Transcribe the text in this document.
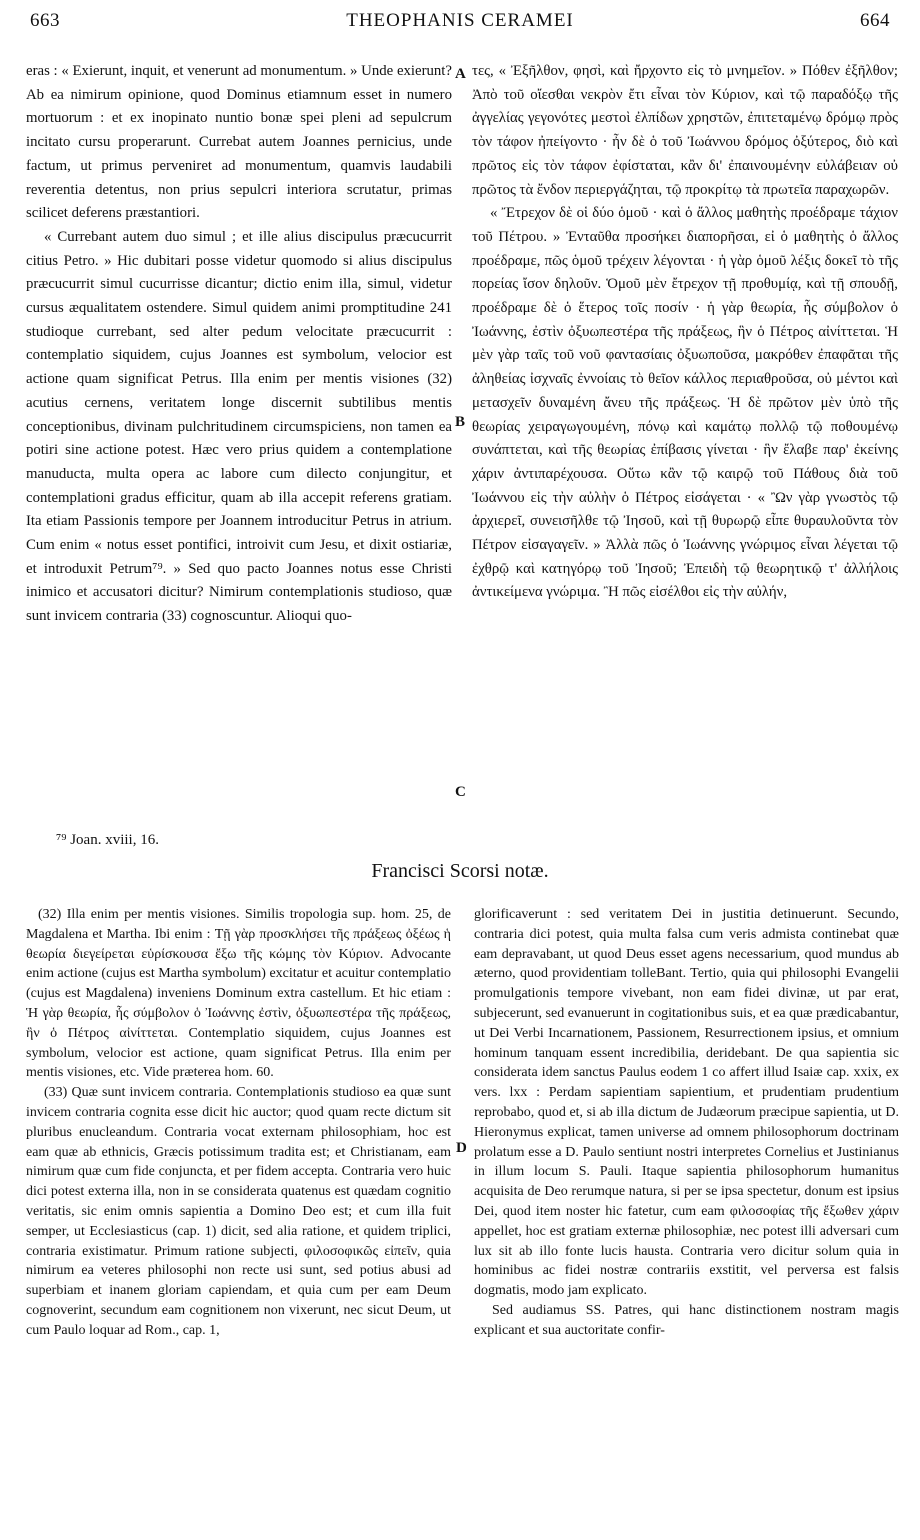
663	THEOPHANIS CERAMEI	664

eras : « Exierunt, inquit, et venerunt ad monumentum. » Unde exierunt? Ab ea nimirum opinione, quod Dominus etiamnum esset in numero mortuorum : et ex inopinato nuntio bonæ spei pleni ad sepulcrum incitato cursu properarunt. Currebat autem Joannes pernicius, unde factum, ut primus perveniret ad monumentum, quamvis laudabili reverentia detentus, non prius sepulcri interiora scrutatur, primas scilicet deferens præstantiori.

« Currebant autem duo simul ; et ille alius discipulus præcucurrit citius Petro. » Hic dubitari posse videtur quomodo si alius discipulus præcucurrit simul cucurrisse dicantur; dictio enim illa, simul, videtur cursus æqualitatem ostendere. Simul quidem animi promptitudine 241 studioque currebant, sed alter pedum velocitate præcucurrit : contemplatio siquidem, cujus Joannes est symbolum, velocior est actione quam significat Petrus. Illa enim per mentis visiones (32) acutius cernens, veritatem longe discernit subtilibus mentis conceptionibus, divinam pulchritudinem circumspiciens, non tamen ea potiri sine actione potest. Hæc vero prius quidem a contemplatione manuducta, multa opera ac labore cum dilecto conjungitur, et contemplationi gradus efficitur, quam ab illa accepit referens gratiam. Ita etiam Passionis tempore per Joannem introducitur Petrus in atrium. Cum enim « notus esset pontifici, introivit cum Jesu, et dixit ostiariæ, et introduxit Petrum⁷⁹. » Sed quo pacto Joannes notus esse Christi inimico et accusatori dicitur? Nimirum contemplationis studioso, quæ sunt invicem contraria (33) cognoscuntur. Alioqui quo-

A
B
C

τες, « Ἐξῆλθον, φησὶ, καὶ ἤρχοντο εἰς τὸ μνημεῖον. » Πόθεν ἐξῆλθον; Ἀπὸ τοῦ οἴεσθαι νεκρὸν ἔτι εἶναι τὸν Κύριον, καὶ τῷ παραδόξῳ τῆς ἀγγελίας γεγονότες μεστοὶ ἐλπίδων χρηστῶν, ἐπιτεταμένῳ δρόμῳ πρὸς τὸν τάφον ἠπείγοντο · ἦν δὲ ὁ τοῦ Ἰωάννου δρόμος ὀξύτερος, διὸ καὶ πρῶτος εἰς τὸν τάφον ἐφίσταται, κἂν δι' ἐπαινουμένην εὐλάβειαν οὐ πρῶτος τὰ ἔνδον περιεργάζηται, τῷ προκρίτῳ τὰ πρωτεῖα παραχωρῶν.

« Ἔτρεχον δὲ οἱ δύο ὁμοῦ · καὶ ὁ ἄλλος μαθητὴς προέδραμε τάχιον τοῦ Πέτρου. » Ἐνταῦθα προσήκει διαπορῆσαι, εἰ ὁ μαθητὴς ὁ ἄλλος προέδραμε, πῶς ὁμοῦ τρέχειν λέγονται · ἡ γὰρ ὁμοῦ λέξις δοκεῖ τὸ τῆς πορείας ἴσον δηλοῦν. Ὁμοῦ μὲν ἔτρεχον τῇ προθυμίᾳ, καὶ τῇ σπουδῇ, προέδραμε δὲ ὁ ἕτερος τοῖς ποσίν · ἡ γὰρ θεωρία, ἧς σύμβολον ὁ Ἰωάννης, ἐστὶν ὀξυωπεστέρα τῆς πράξεως, ἣν ὁ Πέτρος αἰνίττεται. Ἡ μὲν γὰρ ταῖς τοῦ νοῦ φαντασίαις ὀξυωποῦσα, μακρόθεν ἐπαφᾶται τῆς ἀληθείας ἰσχναῖς ἐννοίαις τὸ θεῖον κάλλος περιαθροῦσα, οὐ μέντοι καὶ μετασχεῖν δυναμένη ἄνευ τῆς πράξεως. Ἡ δὲ πρῶτον μὲν ὑπὸ τῆς θεωρίας χειραγωγουμένη, πόνῳ καὶ καμάτῳ πολλῷ τῷ ποθουμένῳ συνάπτεται, καὶ τῆς θεωρίας ἐπίβασις γίνεται · ἣν ἔλαβε παρ' ἐκείνης χάριν ἀντιπαρέχουσα. Οὕτω κἂν τῷ καιρῷ τοῦ Πάθους διὰ τοῦ Ἰωάννου εἰς τὴν αὐλὴν ὁ Πέτρος εἰσάγεται · « Ὢν γὰρ γνωστὸς τῷ ἀρχιερεῖ, συνεισῆλθε τῷ Ἰησοῦ, καὶ τῇ θυρωρῷ εἶπε θυραυλοῦντα τὸν Πέτρον εἰσαγαγεῖν. » Ἀλλὰ πῶς ὁ Ἰωάννης γνώριμος εἶναι λέγεται τῷ ἐχθρῷ καὶ κατηγόρῳ τοῦ Ἰησοῦ; Ἐπειδὴ τῷ θεωρητικῷ τ' ἀλλήλοις ἀντικείμενα γνώριμα. Ἢ πῶς εἰσέλθοι εἰς τὴν αὐλήν,

⁷⁹ Joan. xviii, 16.
Francisci Scorsi notæ.

(32) Illa enim per mentis visiones. Similis tropologia sup. hom. 25, de Magdalena et Martha. Ibi enim : Τῇ γὰρ προσκλήσει τῆς πράξεως ὀξέως ἡ θεωρία διεγείρεται εὑρίσκουσα ἔξω τῆς κώμης τὸν Κύριον. Advocante enim actione (cujus est Martha symbolum) excitatur et acuitur contemplatio (cujus est Magdalena) inveniens Dominum extra castellum. Et hic etiam : Ἡ γὰρ θεωρία, ἧς σύμβολον ὁ Ἰωάννης ἐστὶν, ὀξυωπεστέρα τῆς πράξεως, ἣν ὁ Πέτρος αἰνίττεται. Contemplatio siquidem, cujus Joannes est symbolum, velocior est actione, quam significat Petrus. Illa enim per mentis visiones, etc. Vide præterea hom. 60.

(33) Quæ sunt invicem contraria. Contemplationis studioso ea quæ sunt invicem contraria cognita esse dicit hic auctor; quod quam recte dictum sit pluribus enucleandum. Contraria vocat externam philosophiam, hoc est eam quæ ab ethnicis, Græcis potissimum tradita est; et Christianam, eam nimirum quæ cum fide conjuncta, et per fidem accepta. Contraria vero huic dici potest externa illa, non in se considerata quatenus est quædam cognitio veritatis, sic enim omnis sapientia a Domino Deo est; et cum illa fuit semper, ut Ecclesiasticus (cap. 1) dicit, sed alia ratione, et quidem triplici, contraria existimatur. Primum ratione subjecti, φιλοσοφικῶς εἰπεῖν, quia nimirum ea veteres philosophi non recte usi sunt, sed potius abusi ad superbiam et inanem gloriam capiendam, et quia cum per eam Deum cognoverint, secundum eam cognitionem non vixerunt, nec sicut Deum, ut cum Paulo loquar ad Rom., cap. 1,

D

glorificaverunt : sed veritatem Dei in justitia detinuerunt. Secundo, contraria dici potest, quia multa falsa cum veris admista continebat quæ eam depravabant, ut quod Deus esset agens necessarium, quod mundus ab æterno, quod providentiam tolleBant. Tertio, quia qui philosophi Evangelii promulgationis tempore vivebant, non eam fidei divinæ, ut par erat, subjecerunt, sed evanuerunt in cogitationibus suis, et ea quæ prædicabantur, ut Dei Verbi Incarnationem, Passionem, Resurrectionem ipsius, et omnium hominum tanquam essent incredibilia, deridebant. De qua sapientia sic considerata idem sanctus Paulus eodem 1 co affert illud Isaiæ cap. xxix, ex vers. lxx : Perdam sapientiam sapientium, et prudentiam prudentium reprobabo, quod et, si ab illa dictum de Judæorum præcipue sapientia, ut D. Hieronymus explicat, tamen universe ad omnem philosophorum doctrinam prolatum esse a D. Paulo sentiunt nostri interpretes Cornelius et Justinianus in illum locum S. Pauli. Itaque sapientia philosophorum humanitus acquisita de Deo rerumque natura, si per se ipsa spectetur, donum est ipsius Dei, quod item noster hic fatetur, cum eam φιλοσοφίας τῆς ἔξωθεν χάριν appellet, hoc est gratiam externæ philosophiæ, nec potest illi adversari cum lux sit ab illo fonte lucis hausta. Contraria vero dicitur solum quia in hominibus ac fidei nostræ contrariis exstitit, vel perversa est falsis dogmatis, modo jam explicato.

Sed audiamus SS. Patres, qui hanc distinctionem nostram magis explicant et sua auctoritate confir-
